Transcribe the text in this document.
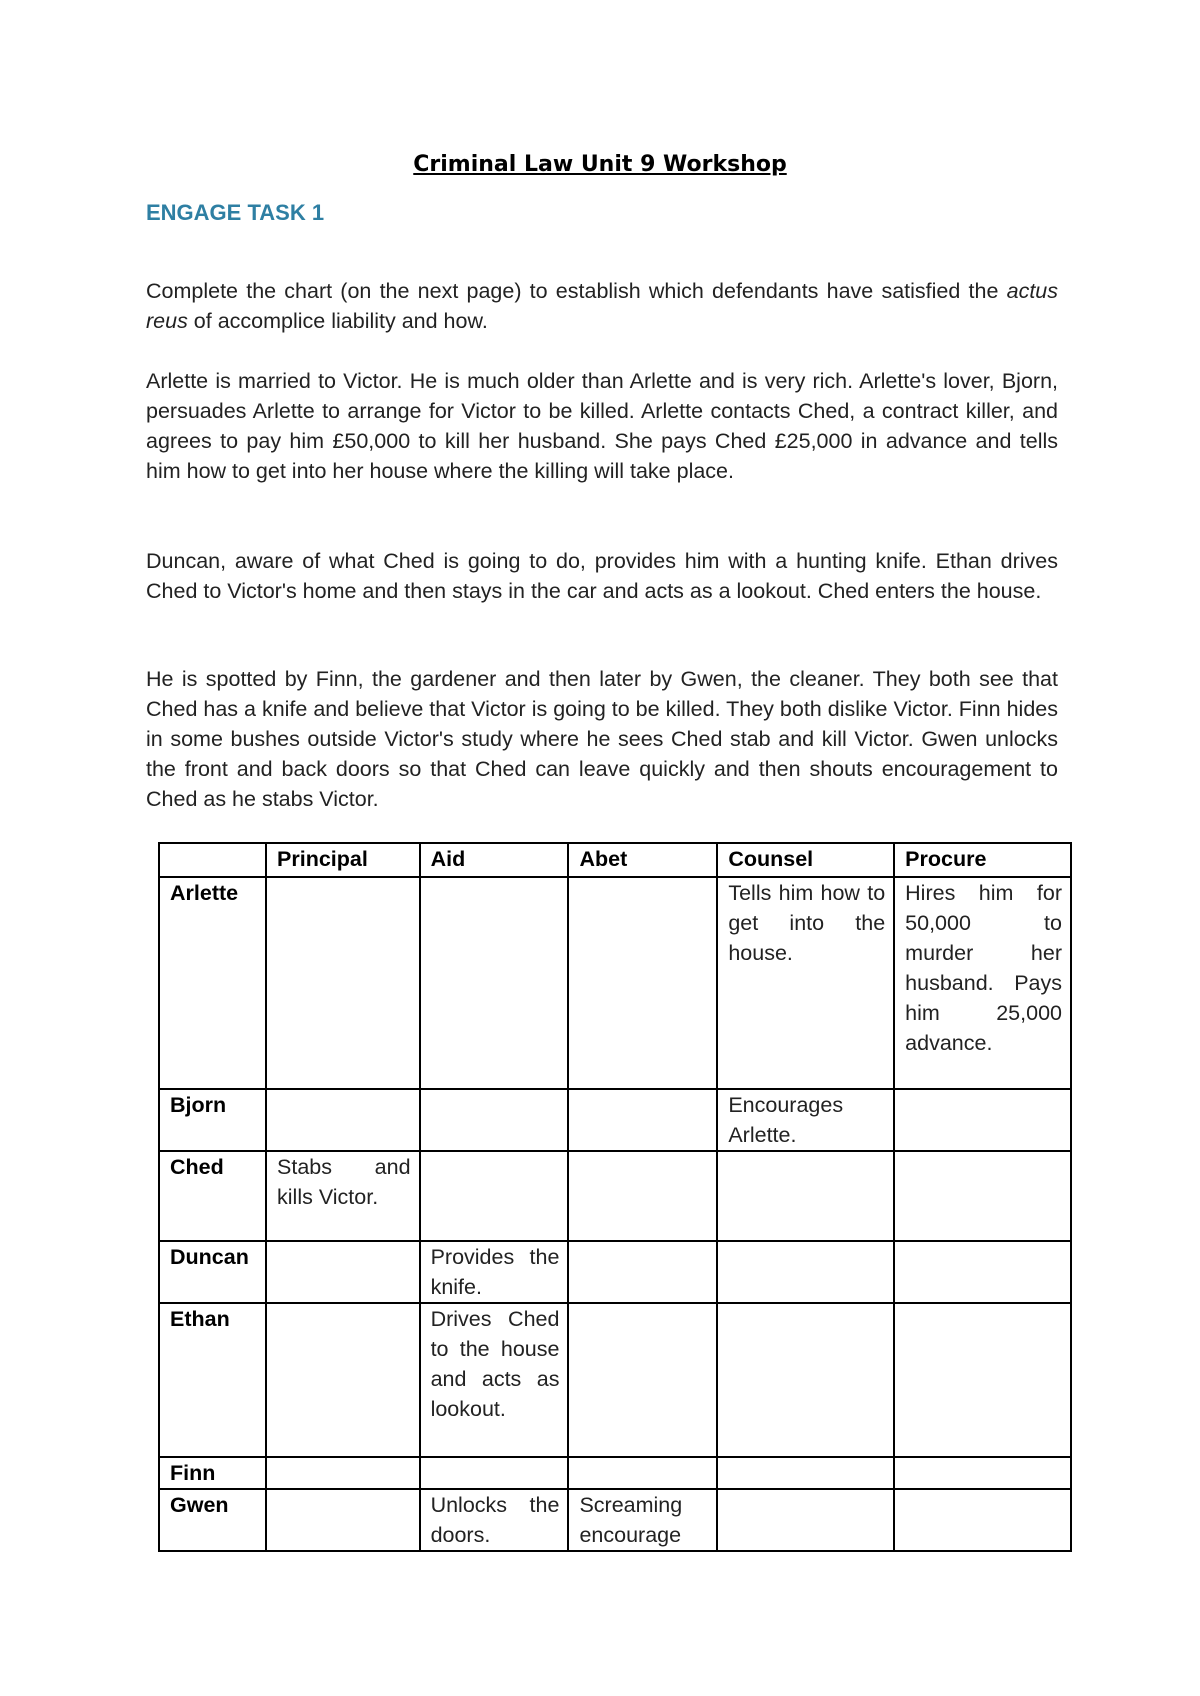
Criminal Law Unit 9 Workshop
ENGAGE TASK 1
Complete the chart (on the next page) to establish which defendants have satisfied the actus reus of accomplice liability and how.
Arlette is married to Victor. He is much older than Arlette and is very rich. Arlette's lover, Bjorn, persuades Arlette to arrange for Victor to be killed. Arlette contacts Ched, a contract killer, and agrees to pay him £50,000 to kill her husband. She pays Ched £25,000 in advance and tells him how to get into her house where the killing will take place.
Duncan, aware of what Ched is going to do, provides him with a hunting knife. Ethan drives Ched to Victor's home and then stays in the car and acts as a lookout. Ched enters the house.
He is spotted by Finn, the gardener and then later by Gwen, the cleaner. They both see that Ched has a knife and believe that Victor is going to be killed. They both dislike Victor. Finn hides in some bushes outside Victor's study where he sees Ched stab and kill Victor. Gwen unlocks the front and back doors so that Ched can leave quickly and then shouts encouragement to Ched as he stabs Victor.
	Principal	Aid	Abet	Counsel	Procure
Arlette				Tells him how to get into the house.	Hires him for 50,000 to murder her husband. Pays him 25,000 advance.
Bjorn				Encourages Arlette.	
Ched	Stabs and kills Victor.				
Duncan		Provides the knife.			
Ethan		Drives Ched to the house and acts as lookout.			
Finn					
Gwen		Unlocks the doors.	Screaming encourage		
